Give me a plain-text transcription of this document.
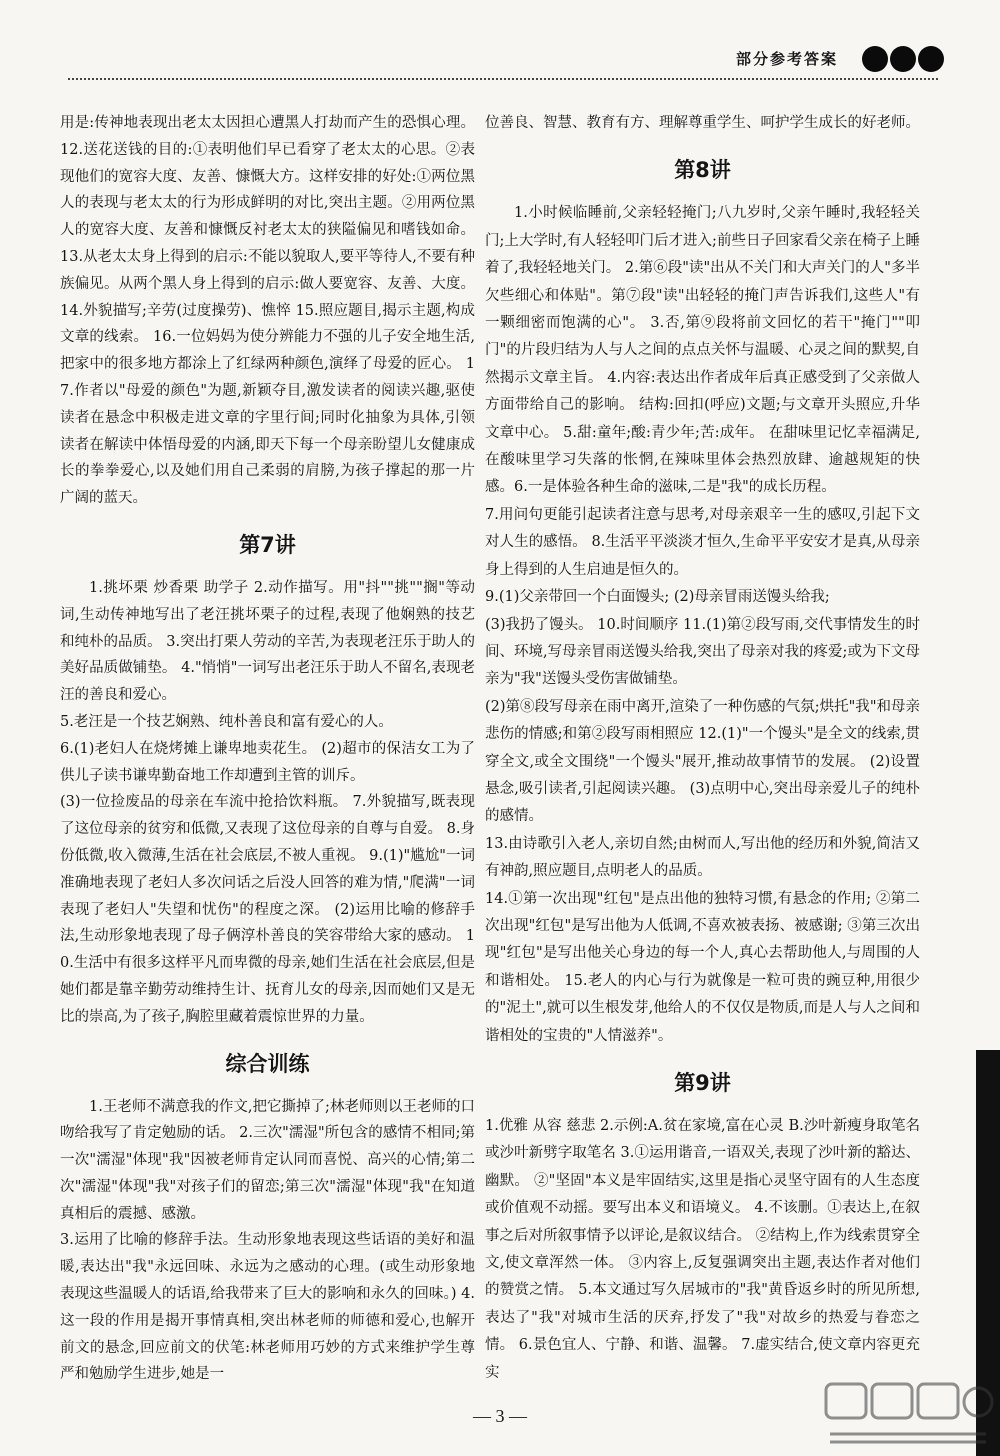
部分参考答案

用是:传神地表现出老太太因担心遭黑人打劫而产生的恐惧心理。 12.送花送钱的目的:①表明他们早已看穿了老太太的心思。②表现他们的宽容大度、友善、慷慨大方。这样安排的好处:①两位黑人的表现与老太太的行为形成鲜明的对比,突出主题。②用两位黑人的宽容大度、友善和慷慨反衬老太太的狭隘偏见和嗜钱如命。 13.从老太太身上得到的启示:不能以貌取人,要平等待人,不要有种族偏见。从两个黑人身上得到的启示:做人要宽容、友善、大度。 14.外貌描写;辛劳(过度操劳)、憔悴 15.照应题目,揭示主题,构成文章的线索。 16.一位妈妈为使分辨能力不强的儿子安全地生活,把家中的很多地方都涂上了红绿两种颜色,演绎了母爱的匠心。 17.作者以"母爱的颜色"为题,新颖夺目,激发读者的阅读兴趣,驱使读者在悬念中积极走进文章的字里行间;同时化抽象为具体,引领读者在解读中体悟母爱的内涵,即天下每一个母亲盼望儿女健康成长的拳拳爱心,以及她们用自己柔弱的肩膀,为孩子撑起的那一片广阔的蓝天。

第7讲

1.挑坏栗 炒香栗 助学子 2.动作描写。用"抖""挑""搁"等动词,生动传神地写出了老汪挑坏栗子的过程,表现了他娴熟的技艺和纯朴的品质。 3.突出打栗人劳动的辛苦,为表现老汪乐于助人的美好品质做铺垫。 4."悄悄"一词写出老汪乐于助人不留名,表现老汪的善良和爱心。

5.老汪是一个技艺娴熟、纯朴善良和富有爱心的人。

6.(1)老妇人在烧烤摊上谦卑地卖花生。 (2)超市的保洁女工为了供儿子读书谦卑勤奋地工作却遭到主管的训斥。

(3)一位捡废品的母亲在车流中抢拾饮料瓶。 7.外貌描写,既表现了这位母亲的贫穷和低微,又表现了这位母亲的自尊与自爱。 8.身份低微,收入微薄,生活在社会底层,不被人重视。 9.(1)"尴尬"一词准确地表现了老妇人多次问话之后没人回答的难为情,"爬满"一词表现了老妇人"失望和忧伤"的程度之深。 (2)运用比喻的修辞手法,生动形象地表现了母子俩淳朴善良的笑容带给大家的感动。 10.生活中有很多这样平凡而卑微的母亲,她们生活在社会底层,但是她们都是靠辛勤劳动维持生计、抚育儿女的母亲,因而她们又是无比的崇高,为了孩子,胸腔里藏着震惊世界的力量。

综合训练

1.王老师不满意我的作文,把它撕掉了;林老师则以王老师的口吻给我写了肯定勉励的话。 2.三次"濡湿"所包含的感情不相同;第一次"濡湿"体现"我"因被老师肯定认同而喜悦、高兴的心情;第二次"濡湿"体现"我"对孩子们的留恋;第三次"濡湿"体现"我"在知道真相后的震撼、感激。

3.运用了比喻的修辞手法。生动形象地表现这些话语的美好和温暖,表达出"我"永远回味、永远为之感动的心理。(或生动形象地表现这些温暖人的话语,给我带来了巨大的影响和永久的回味。) 4.这一段的作用是揭开事情真相,突出林老师的师德和爱心,也解开前文的悬念,回应前文的伏笔:林老师用巧妙的方式来维护学生尊严和勉励学生进步,她是一

位善良、智慧、教育有方、理解尊重学生、呵护学生成长的好老师。

第8讲

1.小时候临睡前,父亲轻轻掩门;八九岁时,父亲午睡时,我轻轻关门;上大学时,有人轻轻叩门后才进入;前些日子回家看父亲在椅子上睡着了,我轻轻地关门。 2.第⑥段"读"出从不关门和大声关门的人"多半欠些细心和体贴"。第⑦段"读"出轻轻的掩门声告诉我们,这些人"有一颗细密而饱满的心"。 3.否,第⑨段将前文回忆的若干"掩门""叩门"的片段归结为人与人之间的点点关怀与温暖、心灵之间的默契,自然揭示文章主旨。 4.内容:表达出作者成年后真正感受到了父亲做人方面带给自己的影响。 结构:回扣(呼应)文题;与文章开头照应,升华文章中心。 5.甜:童年;酸:青少年;苦:成年。 在甜味里记忆幸福满足,在酸味里学习失落的怅惘,在辣味里体会热烈放肆、逾越规矩的快感。6.一是体验各种生命的滋味,二是"我"的成长历程。

7.用问句更能引起读者注意与思考,对母亲艰辛一生的感叹,引起下文对人生的感悟。 8.生活平平淡淡才恒久,生命平平安安才是真,从母亲身上得到的人生启迪是恒久的。

9.(1)父亲带回一个白面馒头; (2)母亲冒雨送馒头给我;

(3)我扔了馒头。 10.时间顺序 11.(1)第②段写雨,交代事情发生的时间、环境,写母亲冒雨送馒头给我,突出了母亲对我的疼爱;或为下文母亲为"我"送馒头受伤害做铺垫。

(2)第⑧段写母亲在雨中离开,渲染了一种伤感的气氛;烘托"我"和母亲悲伤的情感;和第②段写雨相照应 12.(1)"一个馒头"是全文的线索,贯穿全文,或全文围绕"一个馒头"展开,推动故事情节的发展。 (2)设置悬念,吸引读者,引起阅读兴趣。 (3)点明中心,突出母亲爱儿子的纯朴的感情。

13.由诗歌引入老人,亲切自然;由树而人,写出他的经历和外貌,简洁又有神韵,照应题目,点明老人的品质。

14.①第一次出现"红包"是点出他的独特习惯,有悬念的作用; ②第二次出现"红包"是写出他为人低调,不喜欢被表扬、被感谢; ③第三次出现"红包"是写出他关心身边的每一个人,真心去帮助他人,与周围的人和谐相处。 15.老人的内心与行为就像是一粒可贵的豌豆种,用很少的"泥土",就可以生根发芽,他给人的不仅仅是物质,而是人与人之间和谐相处的宝贵的"人情滋养"。

第9讲

1.优雅 从容 慈悲 2.示例:A.贫在家境,富在心灵 B.沙叶新瘦身取笔名或沙叶新劈字取笔名 3.①运用谐音,一语双关,表现了沙叶新的豁达、幽默。 ②"坚固"本义是牢固结实,这里是指心灵坚守固有的人生态度或价值观不动摇。要写出本义和语境义。 4.不该删。①表达上,在叙事之后对所叙事情予以评论,是叙议结合。 ②结构上,作为线索贯穿全文,使文章浑然一体。 ③内容上,反复强调突出主题,表达作者对他们的赞赏之情。 5.本文通过写久居城市的"我"黄昏返乡时的所见所想,表达了"我"对城市生活的厌弃,抒发了"我"对故乡的热爱与眷恋之情。 6.景色宜人、宁静、和谐、温馨。 7.虚实结合,使文章内容更充实

— 3 —
